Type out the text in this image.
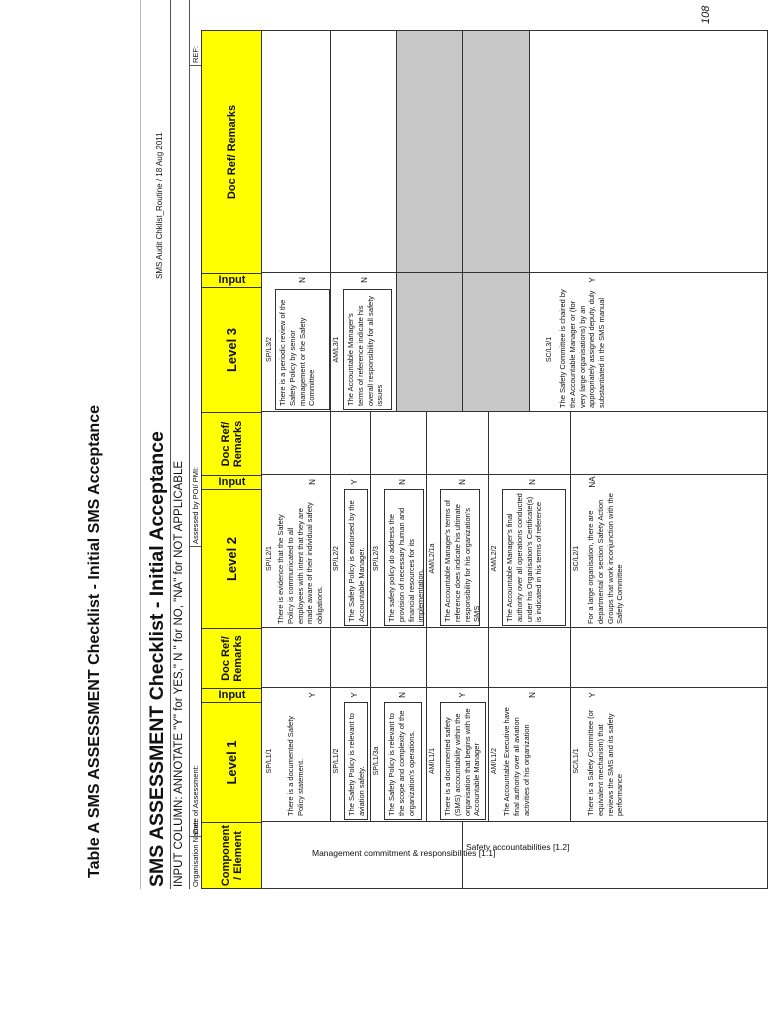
Table A SMS ASSESSMENT Checklist - Initial SMS Acceptance SMS ASSESSMENT Checklist - Initial Acceptance
SMS Audit Chklist_Routine / 18 Aug 2011
INPUT COLUMN: ANNOTATE "Y" for YES," N " for NO, "NA" for NOT APPLICABLE Organisation Name:
Date of Assessment:
Assessed by POI/ PMI:
REF:
Component / Element
Level 1
Input
Doc Ref/ Remarks
Level 2
Input
Doc Ref/ Remarks
Level 3
Input
Doc Ref/ Remarks
Management commitment & responsibilities [1.1]
Safety accountabilities [1.2]
SP/L1/1 There is a documented Safety Policy statement.
Y
SP/L2/1 There is evidence that the Safety Policy is communicated to all employees with intent that they are made aware of their individual safety obligations.
N
SP/L3/2 There is a periodic review of the Safety Policy by senior management or the Safety Committee
N
SP/L1/2 The Safety Policy is relevant to aviation safety.
Y
SP/L2/2 The Safety Policy is endorsed by the Accountable Manager.
Y
AM/L3/1 The Accountable Manager's terms of reference indicate his overall responsibility for all safety issues
N
SP/L1/3a The Safety Policy is relevant to the scope and complexity of the organization's operations.
N
SP/L2/3 The safety policy do address the provision of necessary human and financial resources for its implementation.
N
AM/L1/1 There is a documented safety (SMS) accountability within the organisation that begins with the Accountable Manager
Y
AM/L2/1a The Accountable Manager's terms of reference does indicate his ultimate responsibility for his organization's SMS
N
AM/L1/2 The Accountable Executive have final authority over all aviation activities of his organization
N
AM/L2/2 The Accountable Manager's final authority over all operations conducted under his Organisation's Certificate(s) is indicated in his terms of reference
N
SC/L1/1 There is a Safety Committee (or equivalent mechanism) that reviews the SMS and its safety performance
Y
SC/L2/1 For a large organisation, there are departmental or section Safety Action Groups that work inconjunction with the Safety Committee
NA
SC/L3/1 The Safety Committee is chaired by the Accountable Manager or (for very large organisations) by an appropriately assigned deputy, duly substantiated in the SMS manual
Y
108
